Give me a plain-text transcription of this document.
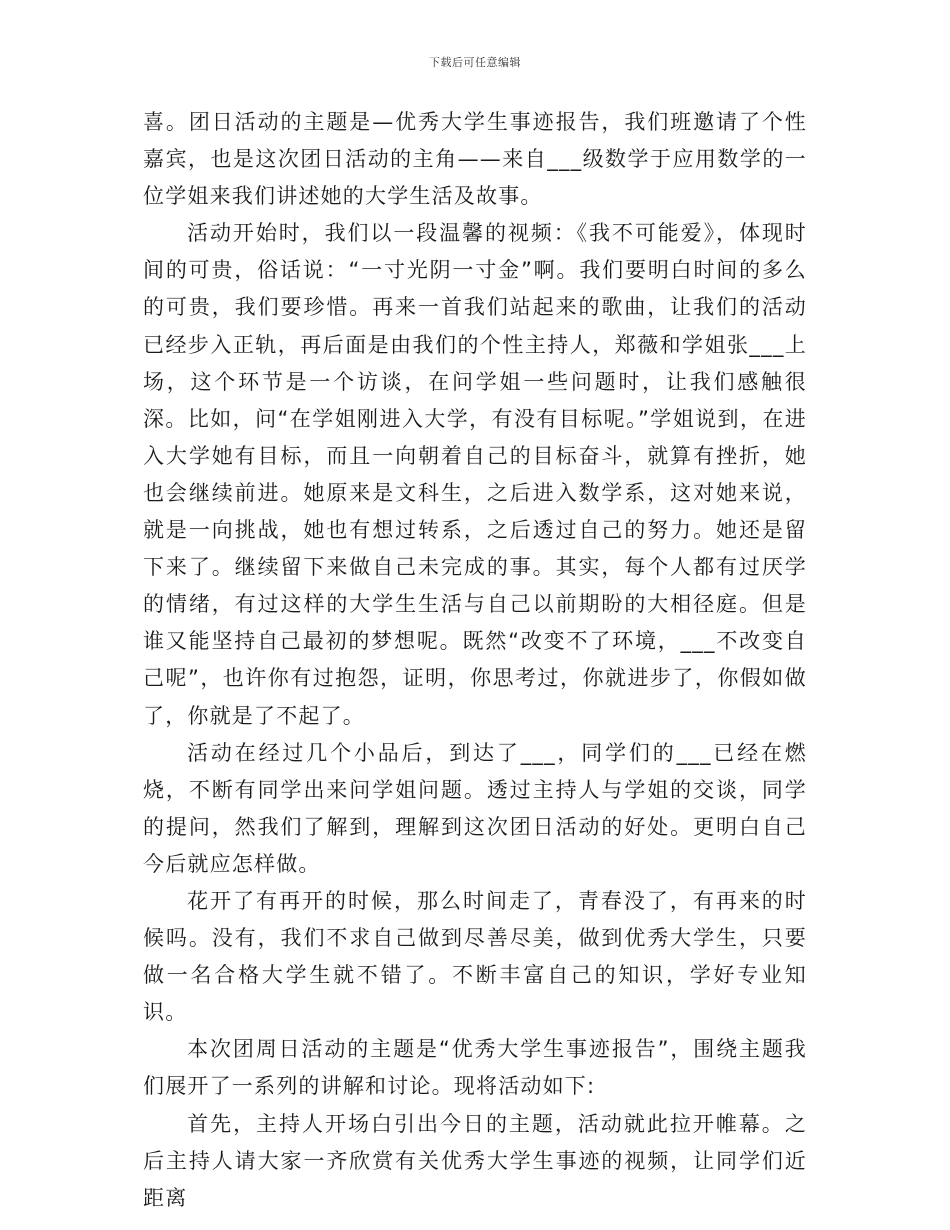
下载后可任意编辑

喜。团日活动的主题是—优秀大学生事迹报告，我们班邀请了个性嘉宾，也是这次团日活动的主角——来自___级数学于应用数学的一位学姐来我们讲述她的大学生活及故事。

活动开始时，我们以一段温馨的视频：《我不可能爱》，体现时间的可贵，俗话说：“一寸光阴一寸金”啊。我们要明白时间的多么的可贵，我们要珍惜。再来一首我们站起来的歌曲，让我们的活动已经步入正轨，再后面是由我们的个性主持人，郑薇和学姐张___上场，这个环节是一个访谈，在问学姐一些问题时，让我们感触很深。比如，问“在学姐刚进入大学，有没有目标呢。”学姐说到，在进入大学她有目标，而且一向朝着自己的目标奋斗，就算有挫折，她也会继续前进。她原来是文科生，之后进入数学系，这对她来说，就是一向挑战，她也有想过转系，之后透过自己的努力。她还是留下来了。继续留下来做自己未完成的事。其实，每个人都有过厌学的情绪，有过这样的大学生生活与自己以前期盼的大相径庭。但是谁又能坚持自己最初的梦想呢。既然“改变不了环境，___不改变自己呢”，也许你有过抱怨，证明，你思考过，你就进步了，你假如做了，你就是了不起了。

活动在经过几个小品后，到达了___，同学们的___已经在燃烧，不断有同学出来问学姐问题。透过主持人与学姐的交谈，同学的提问，然我们了解到，理解到这次团日活动的好处。更明白自己今后就应怎样做。

花开了有再开的时候，那么时间走了，青春没了，有再来的时候吗。没有，我们不求自己做到尽善尽美，做到优秀大学生，只要做一名合格大学生就不错了。不断丰富自己的知识，学好专业知识。

本次团周日活动的主题是“优秀大学生事迹报告”，围绕主题我们展开了一系列的讲解和讨论。现将活动如下:

首先，主持人开场白引出今日的主题，活动就此拉开帷幕。之后主持人请大家一齐欣赏有关优秀大学生事迹的视频，让同学们近距离
